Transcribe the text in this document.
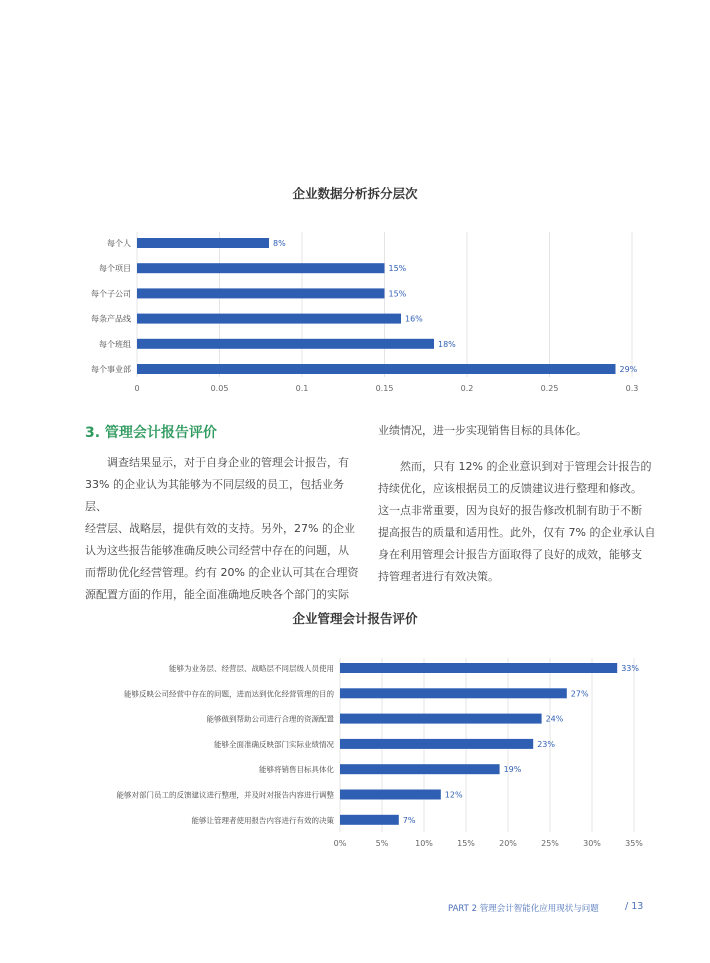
企业数据分析拆分层次
0	0.05	0.1	0.15	0.2	0.25	0.3
每个人	8%
每个项目	15%
每个子公司	15%
每条产品线	16%
每个班组	18%
每个事业部	29%
3. 管理会计报告评价
　　调查结果显示，对于自身企业的管理会计报告，有
33% 的企业认为其能够为不同层级的员工，包括业务层、
经营层、战略层，提供有效的支持。另外，27% 的企业
认为这些报告能够准确反映公司经营中存在的问题，从
而帮助优化经营管理。约有 20% 的企业认可其在合理资
源配置方面的作用，能全面准确地反映各个部门的实际
业绩情况，进一步实现销售目标的具体化。
　　然而，只有 12% 的企业意识到对于管理会计报告的
持续优化，应该根据员工的反馈建议进行整理和修改。
这一点非常重要，因为良好的报告修改机制有助于不断
提高报告的质量和适用性。此外，仅有 7% 的企业承认自
身在利用管理会计报告方面取得了良好的成效，能够支
持管理者进行有效决策。
企业管理会计报告评价
0%	5%	10%	15%	20%	25%	30%	35%
能够为业务层、经营层、战略层不同层级人员使用	33%
能够反映公司经营中存在的问题，进而达到优化经营管理的目的	27%
能够做到帮助公司进行合理的资源配置	24%
能够全面准确反映部门实际业绩情况	23%
能够将销售目标具体化	19%
能够对部门员工的反馈建议进行整理，并及时对报告内容进行调整	12%
能够让管理者使用报告内容进行有效的决策	7%
PART 2 管理会计智能化应用现状与问题	/ 13
